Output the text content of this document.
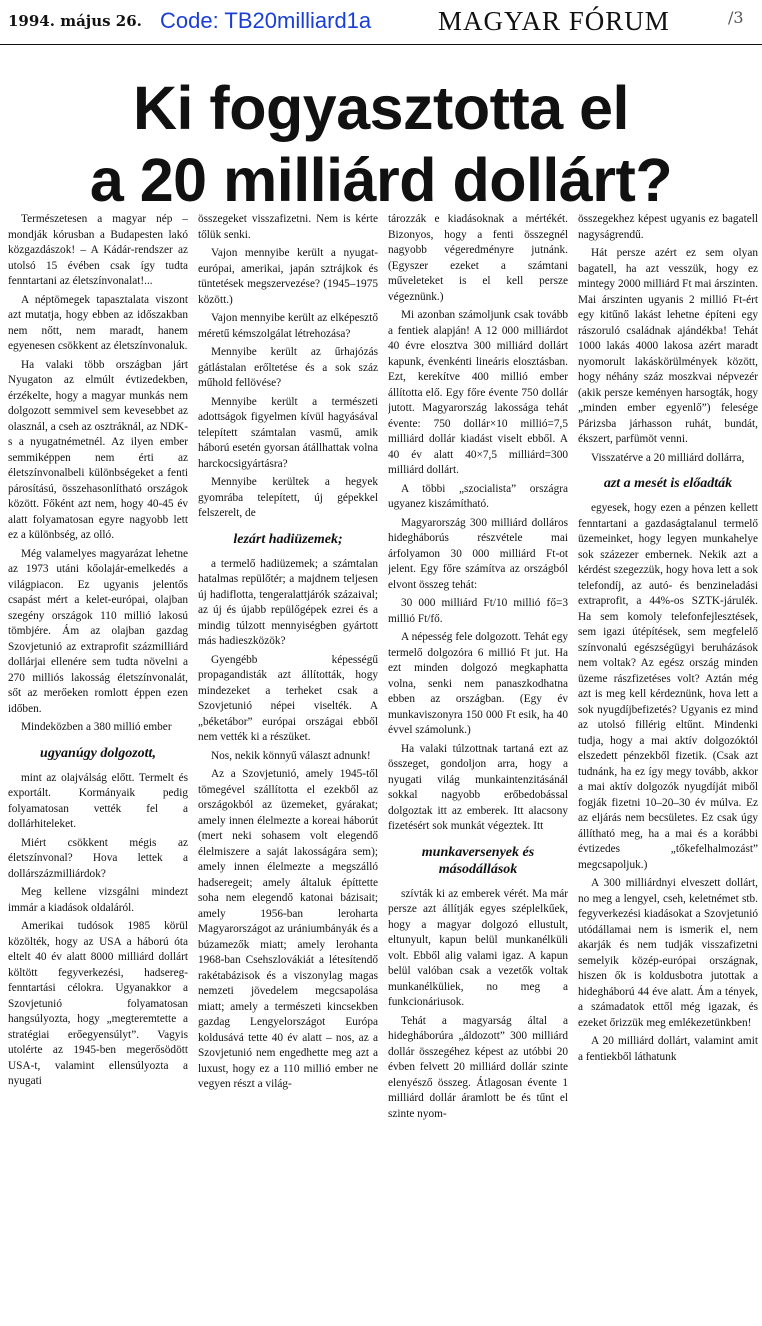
1994. május 26. Code: TB20milliard1a MAGYAR FÓRUM	/3
Ki fogyasztotta el
a 20 milliárd dollárt?

Természetesen a magyar nép – mondják kórusban a Budapesten lakó közgazdászok! – A Kádár-rendszer az utolsó 15 évében csak így tudta fenntartani az életszínvonalat!...

A néptömegek tapasztalata viszont azt mutatja, hogy ebben az időszakban nem nőtt, nem maradt, hanem egyenesen csökkent az életszínvonaluk.

Ha valaki több országban járt Nyugaton az elmúlt évtizedekben, érzékelte, hogy a magyar munkás nem dolgozott semmivel sem kevesebbet az olasznál, a cseh az osztráknál, az NDK-s a nyugatnémetnél. Az ilyen ember semmiképpen nem érti az életszínvonalbeli különbségeket a fenti párosítású, összehasonlítható országok között. Főként azt nem, hogy 40-45 év alatt folyamatosan egyre nagyobb lett ez a különbség, az olló.

Még valamelyes magyarázat lehetne az 1973 utáni kőolajár-emelkedés a világpiacon. Ez ugyanis jelentős csapást mért a kelet-európai, olajban szegény országok 110 millió lakosú tömbjére. Ám az olajban gazdag Szovjetunió az extraprofit százmilliárd dollárjai ellenére sem tudta növelni a 270 milliós lakosság életszínvonalát, sőt az merőeken romlott éppen ezen időben.

Mindeközben a 380 millió ember

ugyanúgy dolgozott,

mint az olajválság előtt. Termelt és exportált. Kormányaik pedig folyamatosan vették fel a dollárhiteleket.

Miért csökkent mégis az életszínvonal? Hova lettek a dollárszázmilliárdok?

Meg kellene vizsgálni mindezt immár a kiadások oldaláról.

Amerikai tudósok 1985 körül közölték, hogy az USA a háború óta eltelt 40 év alatt 8000 milliárd dollárt költött fegyverkezési, hadsereg-fenntartási célokra. Ugyanakkor a Szovjetunió folyamatosan hangsúlyozta, hogy „megteremtette a stratégiai erőegyensúlyt”. Vagyis utolérte az 1945-ben megerősödött USA-t, valamint ellensúlyozta a nyugati

összegeket visszafizetni. Nem is kérte tőlük senki.

Vajon mennyibe került a nyugat-európai, amerikai, japán sztrájkok és tüntetések megszervezése? (1945–1975 között.)

Vajon mennyibe került az elképesztő méretű kémszolgálat létrehozása?

Mennyibe került az űrhajózás gátlástalan erőltetése és a sok száz műhold fellövése?

Mennyibe került a természeti adottságok figyelmen kívül hagyásával telepített számtalan vasmű, amik háború esetén gyorsan átállhattak volna harckocsigyártásra?

Mennyibe kerültek a hegyek gyomrába telepített, új gépekkel felszerelt, de

lezárt hadiüzemek;

a termelő hadiüzemek; a számtalan hatalmas repülőtér; a majdnem teljesen új hadiflotta, tengeralattjárók százaival; az új és újabb repülőgépek ezrei és a mindig túlzott mennyiségben gyártott más hadieszközök?

Gyengébb képességű propagandisták azt állították, hogy mindezeket a terheket csak a Szovjetunió népei viselték. A „béketábor” európai országai ebből nem vették ki a részüket.

Nos, nekik könnyű választ adnunk!

Az a Szovjetunió, amely 1945-től tömegével szállította el ezekből az országokból az üzemeket, gyárakat; amely innen élelmezte a koreai háborút (mert neki sohasem volt elegendő élelmiszere a saját lakosságára sem); amely innen élelmezte a megszálló hadseregeit; amely általuk építtette soha nem elegendő katonai bázisait; amely 1956-ban leroharta Magyarországot az urániumbányák és a búzamezők miatt; amely lerohanta 1968-ban Csehszlovákiát a létesítendő rakétabázisok és a viszonylag magas nemzeti jövedelem megcsapolása miatt; amely a természeti kincsekben gazdag Lengyelországot Európa koldusává tette 40 év alatt – nos, az a Szovjetunió nem engedhette meg azt a luxust, hogy ez a 110 millió ember ne vegyen részt a világ-

tározzák e kiadásoknak a mértékét. Bizonyos, hogy a fenti összegnél nagyobb végeredményre jutnánk. (Egyszer ezeket a számtani műveleteket is el kell persze végeznünk.)

Mi azonban számoljunk csak tovább a fentiek alapján! A 12 000 milliárdot 40 évre elosztva 300 milliárd dollárt kapunk, évenkénti lineáris elosztásban. Ezt, kerekítve 400 millió ember állította elő. Egy főre évente 750 dollár jutott. Magyarország lakossága tehát évente: 750 dollár×10 millió=7,5 milliárd dollár kiadást viselt ebből. A 40 év alatt 40×7,5 milliárd=300 milliárd dollárt.

A többi „szocialista” országra ugyanez kiszámítható.

Magyarország 300 milliárd dolláros hidegháborús részvétele mai árfolyamon 30 000 milliárd Ft-ot jelent. Egy főre számítva az országból elvont összeg tehát:

30 000 milliárd Ft/10 millió fő=3 millió Ft/fő.

A népesség fele dolgozott. Tehát egy termelő dolgozóra 6 millió Ft jut. Ha ezt minden dolgozó megkaphatta volna, senki nem panaszkodhatna ebben az országban. (Egy év munkaviszonyra 150 000 Ft esik, ha 40 évvel számolunk.)

Ha valaki túlzottnak tartaná ezt az összeget, gondoljon arra, hogy a nyugati világ munkaintenzitásánál sokkal nagyobb erőbedobással dolgoztak itt az emberek. Itt alacsony fizetésért sok munkát végeztek. Itt

munkaversenyek és másodállások

szívták ki az emberek vérét. Ma már persze azt állítják egyes széplelkűek, hogy a magyar dolgozó ellustult, eltunyult, kapun belül munkanélküli volt. Ebből alig valami igaz. A kapun belül valóban csak a vezetők voltak munkanélküliek, no meg a funkcionáriusok.

Tehát a magyarság által a hidegháborúra „áldozott” 300 milliárd dollár összegéhez képest az utóbbi 20 évben felvett 20 milliárd dollár szinte elenyésző összeg. Átlagosan évente 1 milliárd dollár áramlott be és tűnt el szinte nyom-

összegekhez képest ugyanis ez bagatell nagyságrendű.

Hát persze azért ez sem olyan bagatell, ha azt vesszük, hogy ez mintegy 2000 milliárd Ft mai árszinten. Mai árszinten ugyanis 2 millió Ft-ért egy kitűnő lakást lehetne építeni egy rászoruló családnak ajándékba! Tehát 1000 lakás 4000 lakosa azért maradt nyomorult lakáskörülmények között, hogy néhány száz moszkvai népvezér (akik persze keményen harsogták, hogy „minden ember egyenlő”) felesége Párizsba járhasson ruhát, bundát, ékszert, parfümöt venni.

Visszatérve a 20 milliárd dollárra,

azt a mesét is előadták

egyesek, hogy ezen a pénzen kellett fenntartani a gazdaságtalanul termelő üzemeinket, hogy legyen munkahelye sok százezer embernek. Nekik azt a kérdést szegezzük, hogy hova lett a sok telefondíj, az autó- és benzineladási extraprofit, a 44%-os SZTK-járulék. Ha sem komoly telefonfejlesztések, sem igazi útépítések, sem megfelelő színvonalú egészségügyi beruházások nem voltak? Az egész ország minden üzeme rászfizetéses volt? Aztán még azt is meg kell kérdeznünk, hova lett a sok nyugdíjbefizetés? Ugyanis ez mind az utolsó fillérig eltűnt. Mindenki tudja, hogy a mai aktív dolgozóktól elszedett pénzekből fizetik. (Csak azt tudnánk, ha ez így megy tovább, akkor a mai aktív dolgozók nyugdíját miből fogják fizetni 10–20–30 év múlva. Ez az eljárás nem becsületes. Ez csak úgy állítható meg, ha a mai és a korábbi évtizedes „tőkefelhalmozást” megcsapoljuk.)

A 300 milliárdnyi elveszett dollárt, no meg a lengyel, cseh, keletnémet stb. fegyverkezési kiadásokat a Szovjetunió utódállamai nem is ismerik el, nem akarják és nem tudják visszafizetni semelyik közép-európai országnak, hiszen ők is koldusbotra jutottak a hidegháború 44 éve alatt. Ám a tények, a számadatok ettől még igazak, és ezeket őrizzük meg emlékezetünkben!

A 20 milliárd dollárt, valamint amit a fentiekből láthatunk
